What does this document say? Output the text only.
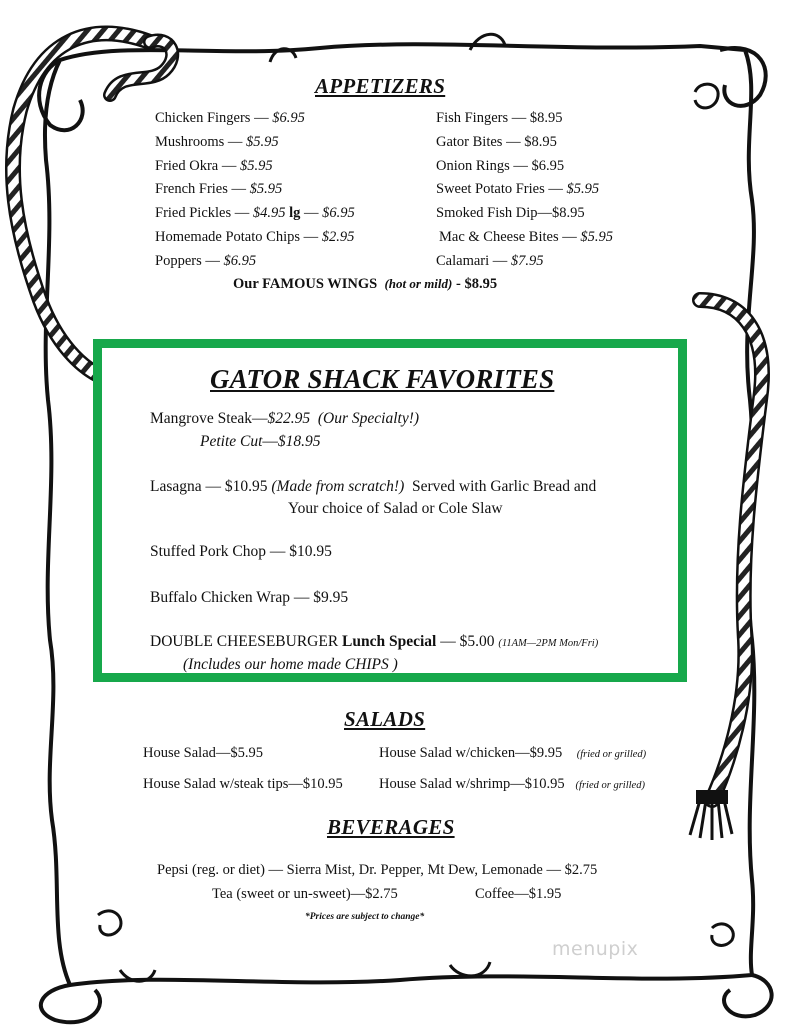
APPETIZERS
Chicken Fingers — $6.95
Mushrooms — $5.95
Fried Okra — $5.95
French Fries — $5.95
Fried Pickles — $4.95 lg — $6.95
Homemade Potato Chips — $2.95
Poppers — $6.95
Fish Fingers — $8.95
Gator Bites — $8.95
Onion Rings — $6.95
Sweet Potato Fries — $5.95
Smoked Fish Dip—$8.95
Mac & Cheese Bites — $5.95
Calamari — $7.95
Our FAMOUS WINGS (hot or mild) - $8.95
GATOR SHACK FAVORITES
Mangrove Steak—$22.95 (Our Specialty!)
Petite Cut—$18.95
Lasagna — $10.95 (Made from scratch!) Served with Garlic Bread and
Your choice of Salad or Cole Slaw
Stuffed Pork Chop — $10.95
Buffalo Chicken Wrap — $9.95
DOUBLE CHEESEBURGER Lunch Special — $5.00 (11AM—2PM Mon/Fri)
(Includes our home made CHIPS )
SALADS
House Salad—$5.95	House Salad w/chicken—$9.95 (fried or grilled)
House Salad w/steak tips—$10.95 House Salad w/shrimp—$10.95 (fried or grilled)
BEVERAGES
Pepsi (reg. or diet) — Sierra Mist, Dr. Pepper, Mt Dew, Lemonade — $2.75
Tea (sweet or un-sweet)—$2.75	Coffee—$1.95
*Prices are subject to change*
menupix
